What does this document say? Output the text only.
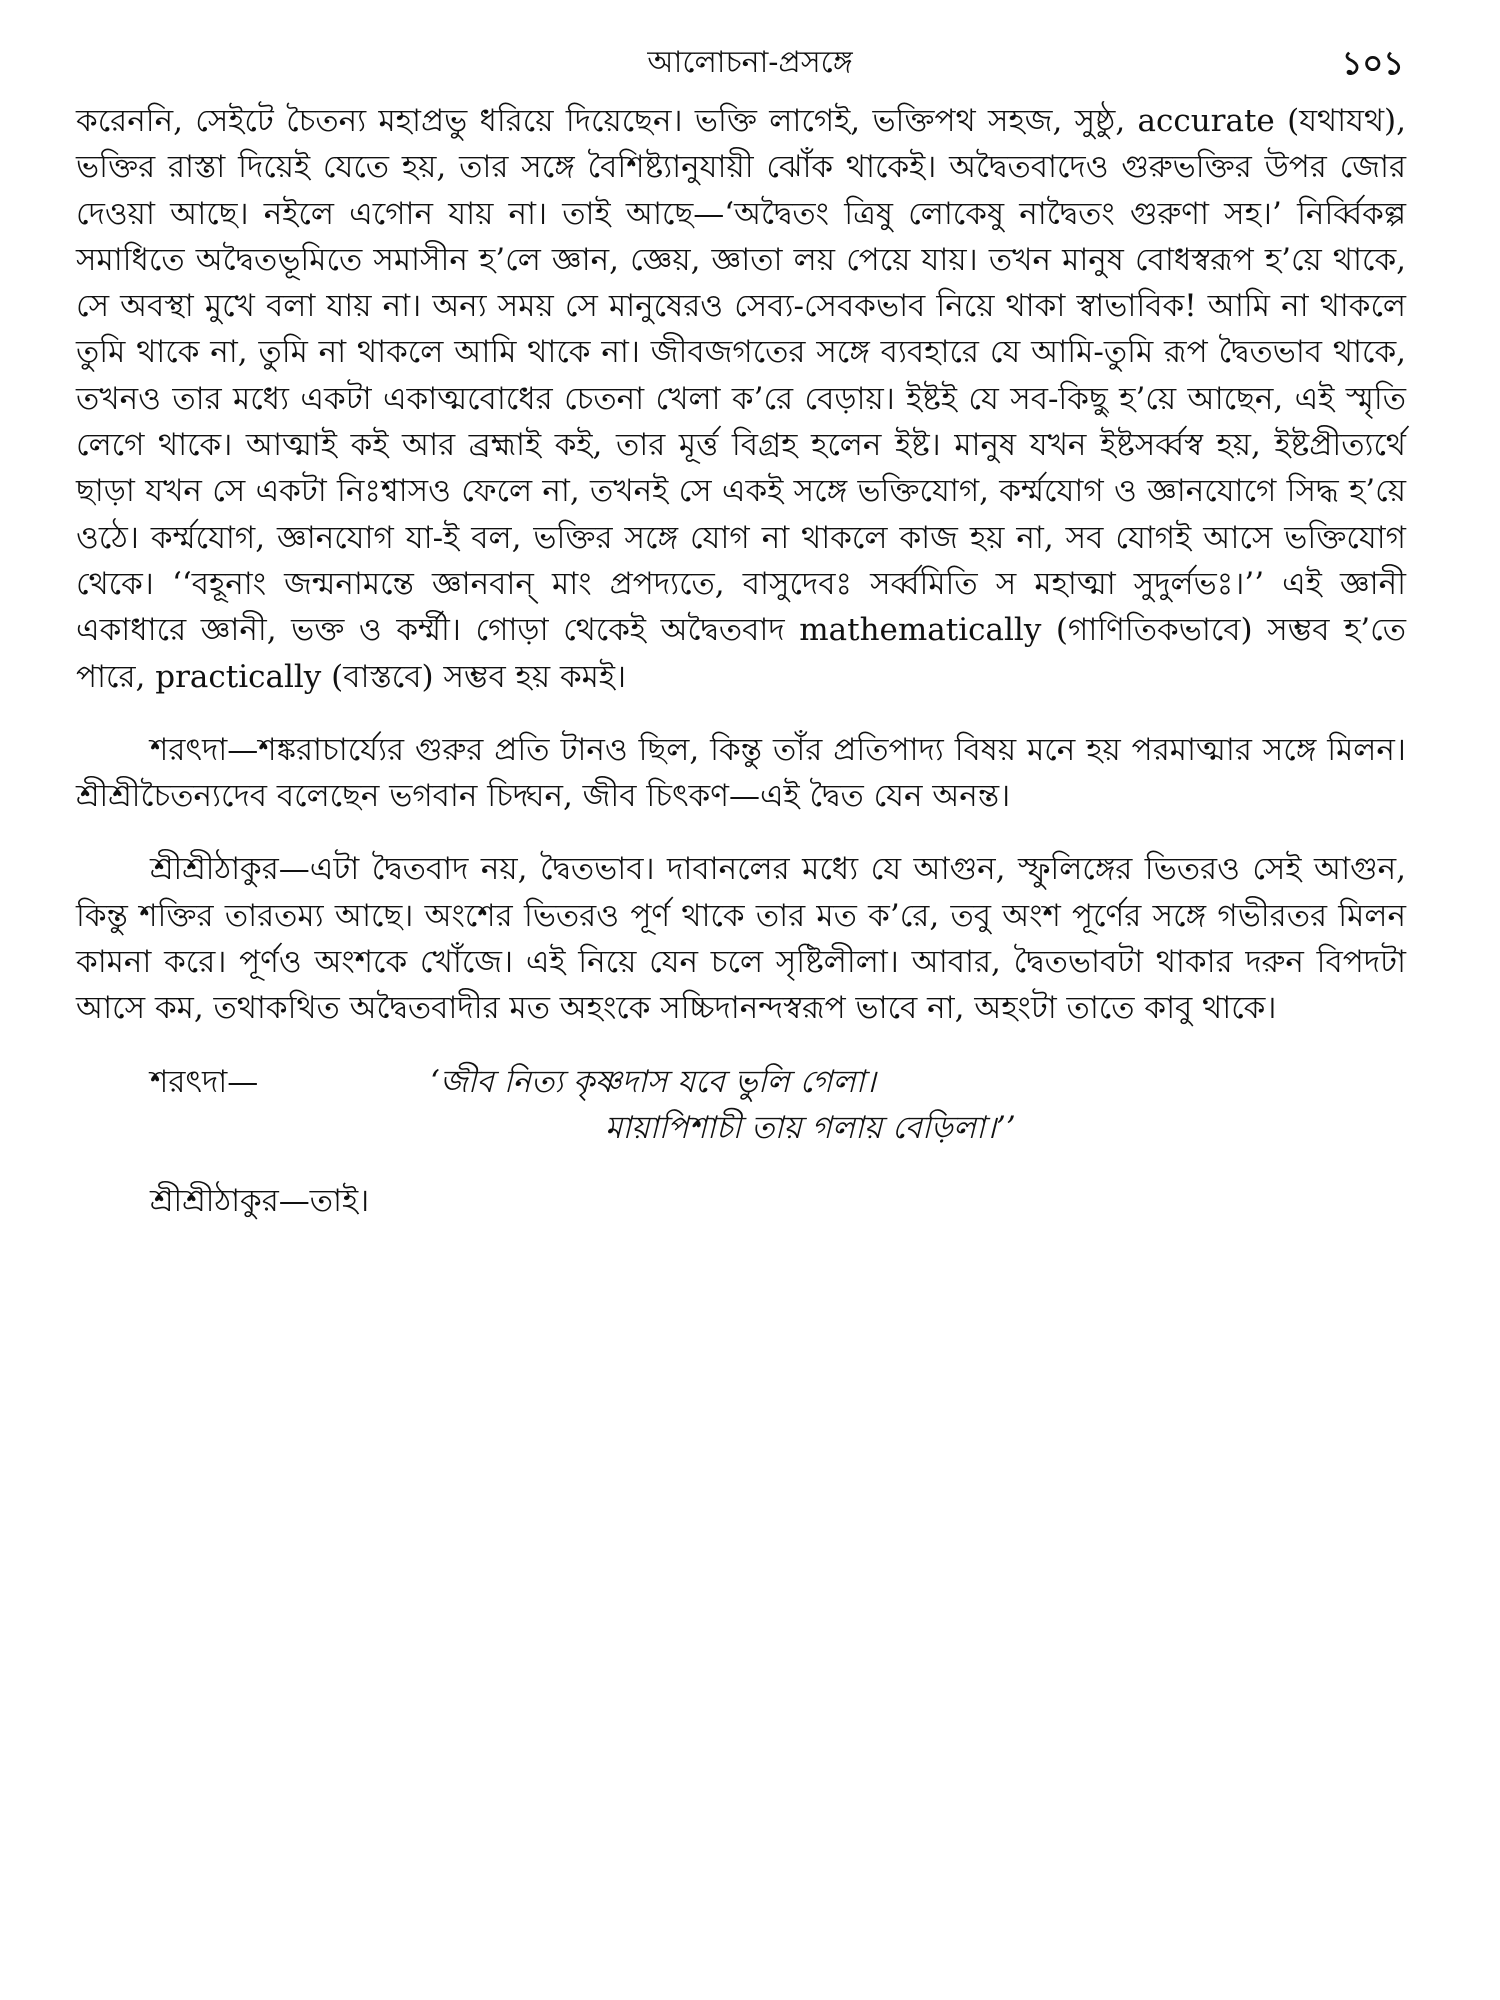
আলোচনা-প্রসঙ্গে	১০১

করেননি, সেইটে চৈতন্য মহাপ্রভু ধরিয়ে দিয়েছেন। ভক্তি লাগেই, ভক্তিপথ সহজ, সুষ্ঠু, accurate (যথাযথ), ভক্তির রাস্তা দিয়েই যেতে হয়, তার সঙ্গে বৈশিষ্ট্যানুযায়ী ঝোঁক থাকেই। অদ্বৈতবাদেও গুরুভক্তির উপর জোর দেওয়া আছে। নইলে এগোন যায় না। তাই আছে—‘অদ্বৈতং ত্রিষু লোকেষু নাদ্বৈতং গুরুণা সহ।’ নির্ব্বিকল্প সমাধিতে অদ্বৈতভূমিতে সমাসীন হ’লে জ্ঞান, জ্ঞেয়, জ্ঞাতা লয় পেয়ে যায়। তখন মানুষ বোধস্বরূপ হ’য়ে থাকে, সে অবস্থা মুখে বলা যায় না। অন্য সময় সে মানুষেরও সেব্য-সেবকভাব নিয়ে থাকা স্বাভাবিক! আমি না থাকলে তুমি থাকে না, তুমি না থাকলে আমি থাকে না। জীবজগতের সঙ্গে ব্যবহারে যে আমি-তুমি রূপ দ্বৈতভাব থাকে, তখনও তার মধ্যে একটা একাত্মবোধের চেতনা খেলা ক’রে বেড়ায়। ইষ্টই যে সব-কিছু হ’য়ে আছেন, এই স্মৃতি লেগে থাকে। আত্মাই কই আর ব্রহ্মাই কই, তার মূর্ত্ত বিগ্রহ হলেন ইষ্ট। মানুষ যখন ইষ্টসর্ব্বস্ব হয়, ইষ্টপ্রীত্যর্থে ছাড়া যখন সে একটা নিঃশ্বাসও ফেলে না, তখনই সে একই সঙ্গে ভক্তিযোগ, কর্ম্মযোগ ও জ্ঞানযোগে সিদ্ধ হ’য়ে ওঠে। কর্ম্মযোগ, জ্ঞানযোগ যা-ই বল, ভক্তির সঙ্গে যোগ না থাকলে কাজ হয় না, সব যোগই আসে ভক্তিযোগ থেকে। ‘‘বহূনাং জন্মনামন্তে জ্ঞানবান্ মাং প্রপদ্যতে, বাসুদেবঃ সর্ব্বমিতি স মহাত্মা সুদুর্লভঃ।’’ এই জ্ঞানী একাধারে জ্ঞানী, ভক্ত ও কর্ম্মী। গোড়া থেকেই অদ্বৈতবাদ mathematically (গাণিতিকভাবে) সম্ভব হ’তে পারে, practically (বাস্তবে) সম্ভব হয় কমই।

শরৎদা—শঙ্করাচার্য্যের গুরুর প্রতি টানও ছিল, কিন্তু তাঁর প্রতিপাদ্য বিষয় মনে হয় পরমাত্মার সঙ্গে মিলন। শ্রীশ্রীচৈতন্যদেব বলেছেন ভগবান চিদ্ঘন, জীব চিৎকণ—এই দ্বৈত যেন অনন্ত।

শ্রীশ্রীঠাকুর—এটা দ্বৈতবাদ নয়, দ্বৈতভাব। দাবানলের মধ্যে যে আগুন, স্ফুলিঙ্গের ভিতরও সেই আগুন, কিন্তু শক্তির তারতম্য আছে। অংশের ভিতরও পূর্ণ থাকে তার মত ক’রে, তবু অংশ পূর্ণের সঙ্গে গভীরতর মিলন কামনা করে। পূর্ণও অংশকে খোঁজে। এই নিয়ে যেন চলে সৃষ্টিলীলা। আবার, দ্বৈতভাবটা থাকার দরুন বিপদটা আসে কম, তথাকথিত অদ্বৈতবাদীর মত অহংকে সচ্চিদানন্দস্বরূপ ভাবে না, অহংটা তাতে কাবু থাকে।

শরৎদা—	‘জীব নিত্য কৃষ্ণদাস যবে ভুলি গেলা।
মায়াপিশাচী তায় গলায় বেড়িলা।’’

শ্রীশ্রীঠাকুর—তাই।
